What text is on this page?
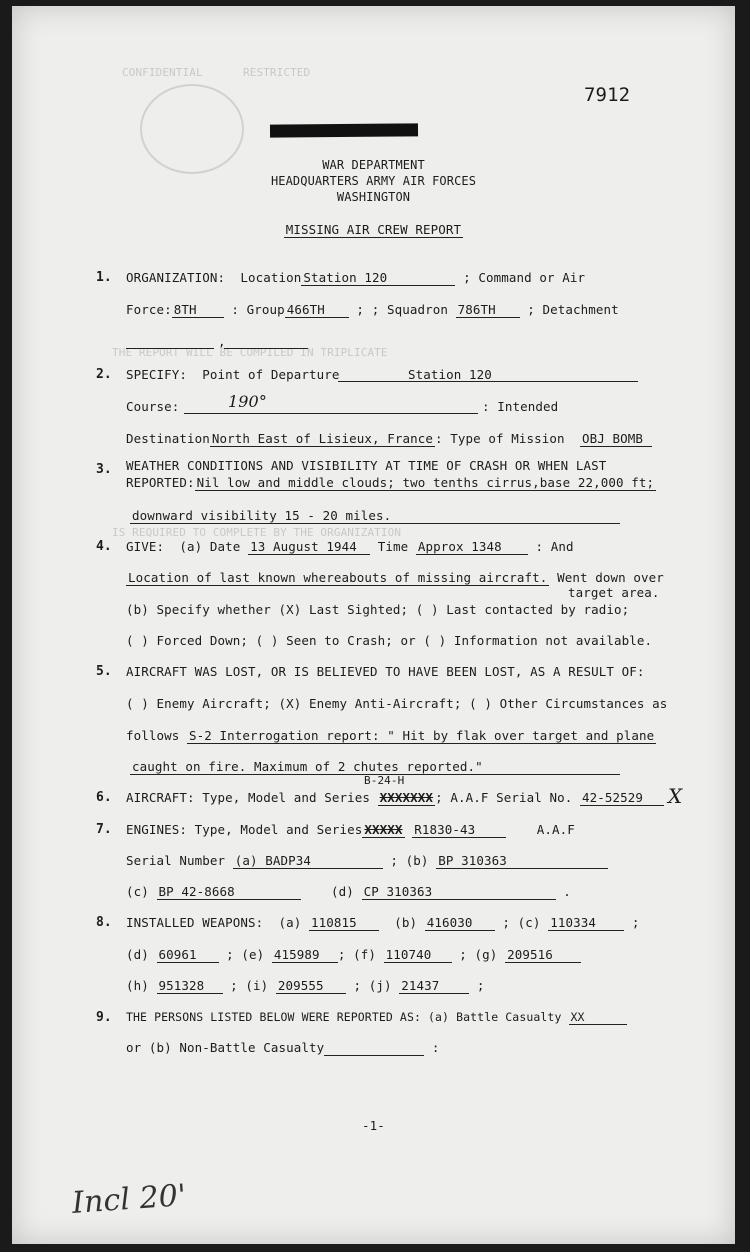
CONFIDENTIAL      RESTRICTED
THE REPORT WILL BE COMPILED IN TRIPLICATE
IS REQUIRED TO COMPLETE BY THE ORGANIZATION
7912
WAR DEPARTMENT
HEADQUARTERS ARMY AIR FORCES
WASHINGTON
MISSING AIR CREW REPORT
1. ORGANIZATION: Location Station 120	; Command or Air
Force: 8TH : Group 466TH ; ; Squadron 786TH	; Detachment
,
2. SPECIFY: Point of Departure	Station 120
Course:	190°	: Intended
Destination North East of Lisieux, France : Type of Mission OBJ BOMB
3. WEATHER CONDITIONS AND VISIBILITY AT TIME OF CRASH OR WHEN LAST
REPORTED: Nil low and middle clouds; two tenths cirrus,base 22,000 ft;
downward visibility 15 - 20 miles.
4. GIVE: (a) Date 13 August 1944 Time Approx 1348	: And
Location of last known whereabouts of missing aircraft. Went down over
target area.
(b) Specify whether (X) Last Sighted; ( ) Last contacted by radio;
( ) Forced Down; ( ) Seen to Crash; or ( ) Information not available.
5. AIRCRAFT WAS LOST, OR IS BELIEVED TO HAVE BEEN LOST, AS A RESULT OF:
( ) Enemy Aircraft; (X) Enemy Anti-Aircraft; ( ) Other Circumstances as
follows S-2 Interrogation report: " Hit by flak over target and plane
caught on fire. Maximum of 2 chutes reported."
6.
B-24-H
AIRCRAFT: Type, Model and Series XXXXXXX ; A.A.F Serial No. 42-52529	X
7. ENGINES: Type, Model and Series XXXXX R1830-43	A.A.F
Serial Number (a) BADP34	; (b) BP 310363
(c) BP 42-8668	(d) CP 310363	.
8. INSTALLED WEAPONS:  (a) 110815  (b) 416030 ; (c) 110334 ;
(d) 60961 ; (e) 415989 ; (f) 110740 ; (g) 209516
(h) 951328 ; (i) 209555 ; (j) 21437 ;
9. THE PERSONS LISTED BELOW WERE REPORTED AS: (a) Battle Casualty XX
or (b) Non-Battle Casualty	:
-1-
Incl 20'
